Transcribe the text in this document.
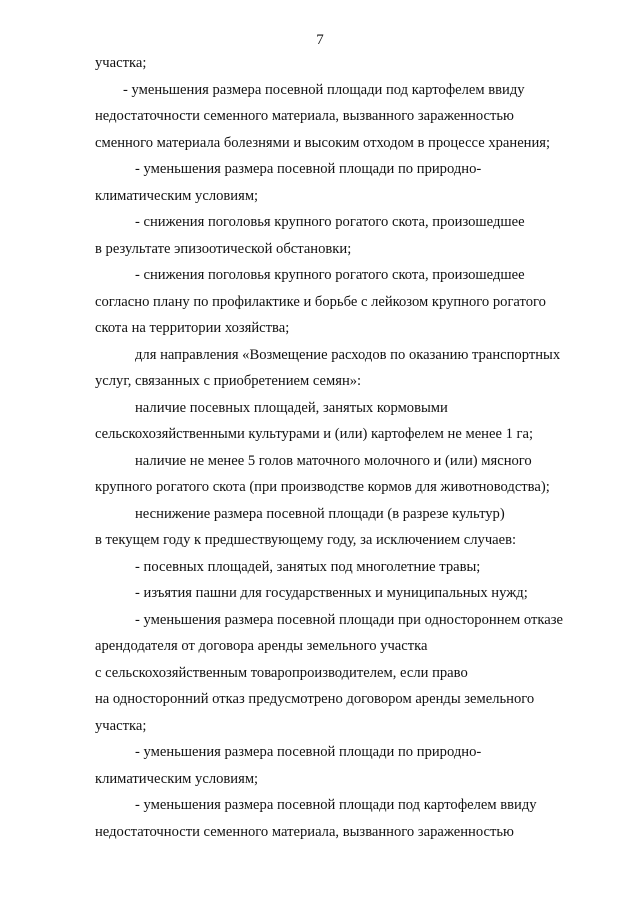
7
участка;
- уменьшения размера посевной площади под картофелем ввиду
недостаточности семенного материала, вызванного зараженностью
сменного материала болезнями и высоким отходом в процессе хранения;
- уменьшения размера посевной площади по природно-
климатическим условиям;
- снижения поголовья крупного рогатого скота, произошедшее
в результате эпизоотической обстановки;
- снижения поголовья крупного рогатого скота, произошедшее
согласно плану по профилактике и борьбе с лейкозом крупного рогатого
скота на территории хозяйства;
для направления «Возмещение расходов по оказанию транспортных
услуг, связанных с приобретением семян»:
наличие посевных площадей, занятых кормовыми
сельскохозяйственными культурами и (или) картофелем не менее 1 га;
наличие не менее 5 голов маточного молочного и (или) мясного
крупного рогатого скота (при производстве кормов для животноводства);
неснижение размера посевной площади (в разрезе культур)
в текущем году к предшествующему году, за исключением случаев:
- посевных площадей, занятых под многолетние травы;
- изъятия пашни для государственных и муниципальных нужд;
- уменьшения размера посевной площади при одностороннем отказе
арендодателя от договора аренды земельного участка
с сельскохозяйственным товаропроизводителем, если право
на односторонний отказ предусмотрено договором аренды земельного
участка;
- уменьшения размера посевной площади по природно-
климатическим условиям;
- уменьшения размера посевной площади под картофелем ввиду
недостаточности семенного материала, вызванного зараженностью
